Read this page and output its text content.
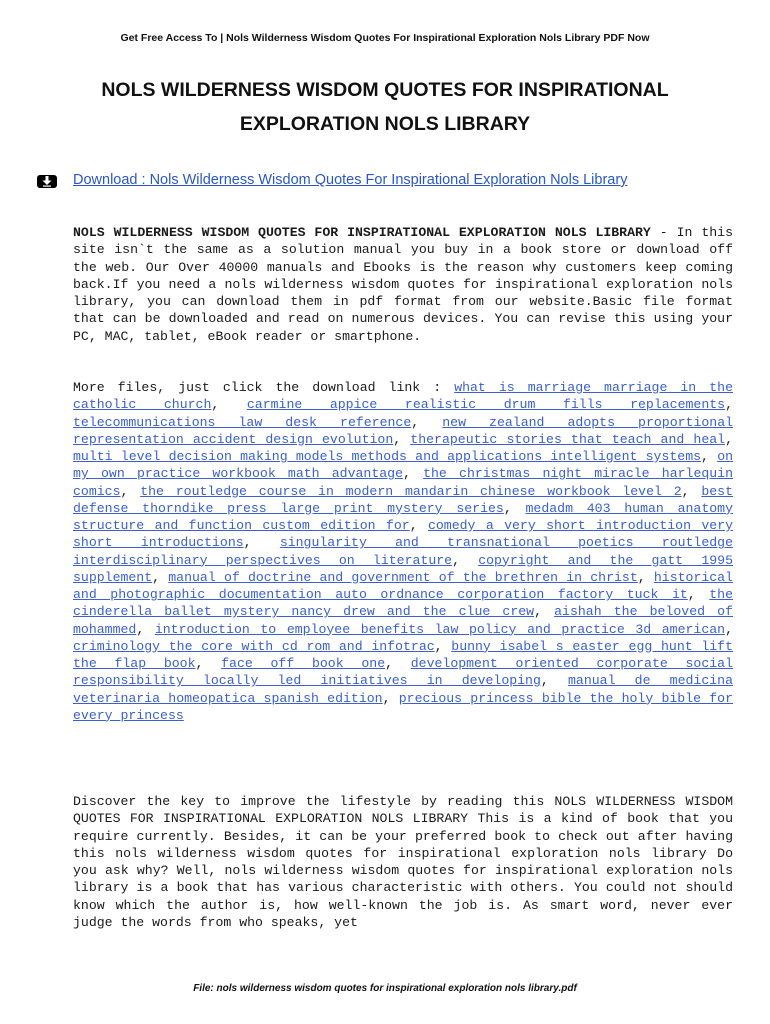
Get Free Access To | Nols Wilderness Wisdom Quotes For Inspirational Exploration Nols Library PDF Now
NOLS WILDERNESS WISDOM QUOTES FOR INSPIRATIONAL
EXPLORATION NOLS LIBRARY
Download : Nols Wilderness Wisdom Quotes For Inspirational Exploration Nols Library
NOLS WILDERNESS WISDOM QUOTES FOR INSPIRATIONAL EXPLORATION NOLS LIBRARY - In this site isn`t the same as a solution manual you buy in a book store or download off the web. Our Over 40000 manuals and Ebooks is the reason why customers keep coming back.If you need a nols wilderness wisdom quotes for inspirational exploration nols library, you can download them in pdf format from our website.Basic file format that can be downloaded and read on numerous devices. You can revise this using your PC, MAC, tablet, eBook reader or smartphone.
More files, just click the download link : what is marriage marriage in the catholic church, carmine appice realistic drum fills replacements, telecommunications law desk reference, new zealand adopts proportional representation accident design evolution, therapeutic stories that teach and heal, multi level decision making models methods and applications intelligent systems, on my own practice workbook math advantage, the christmas night miracle harlequin comics, the routledge course in modern mandarin chinese workbook level 2, best defense thorndike press large print mystery series, medadm 403 human anatomy structure and function custom edition for, comedy a very short introduction very short introductions, singularity and transnational poetics routledge interdisciplinary perspectives on literature, copyright and the gatt 1995 supplement, manual of doctrine and government of the brethren in christ, historical and photographic documentation auto ordnance corporation factory tuck it, the cinderella ballet mystery nancy drew and the clue crew, aishah the beloved of mohammed, introduction to employee benefits law policy and practice 3d american, criminology the core with cd rom and infotrac, bunny isabel s easter egg hunt lift the flap book, face off book one, development oriented corporate social responsibility locally led initiatives in developing, manual de medicina veterinaria homeopatica spanish edition, precious princess bible the holy bible for every princess
Discover the key to improve the lifestyle by reading this NOLS WILDERNESS WISDOM QUOTES FOR INSPIRATIONAL EXPLORATION NOLS LIBRARY This is a kind of book that you require currently. Besides, it can be your preferred book to check out after having this nols wilderness wisdom quotes for inspirational exploration nols library Do you ask why? Well, nols wilderness wisdom quotes for inspirational exploration nols library is a book that has various characteristic with others. You could not should know which the author is, how well-known the job is. As smart word, never ever judge the words from who speaks, yet
File: nols wilderness wisdom quotes for inspirational exploration nols library.pdf
